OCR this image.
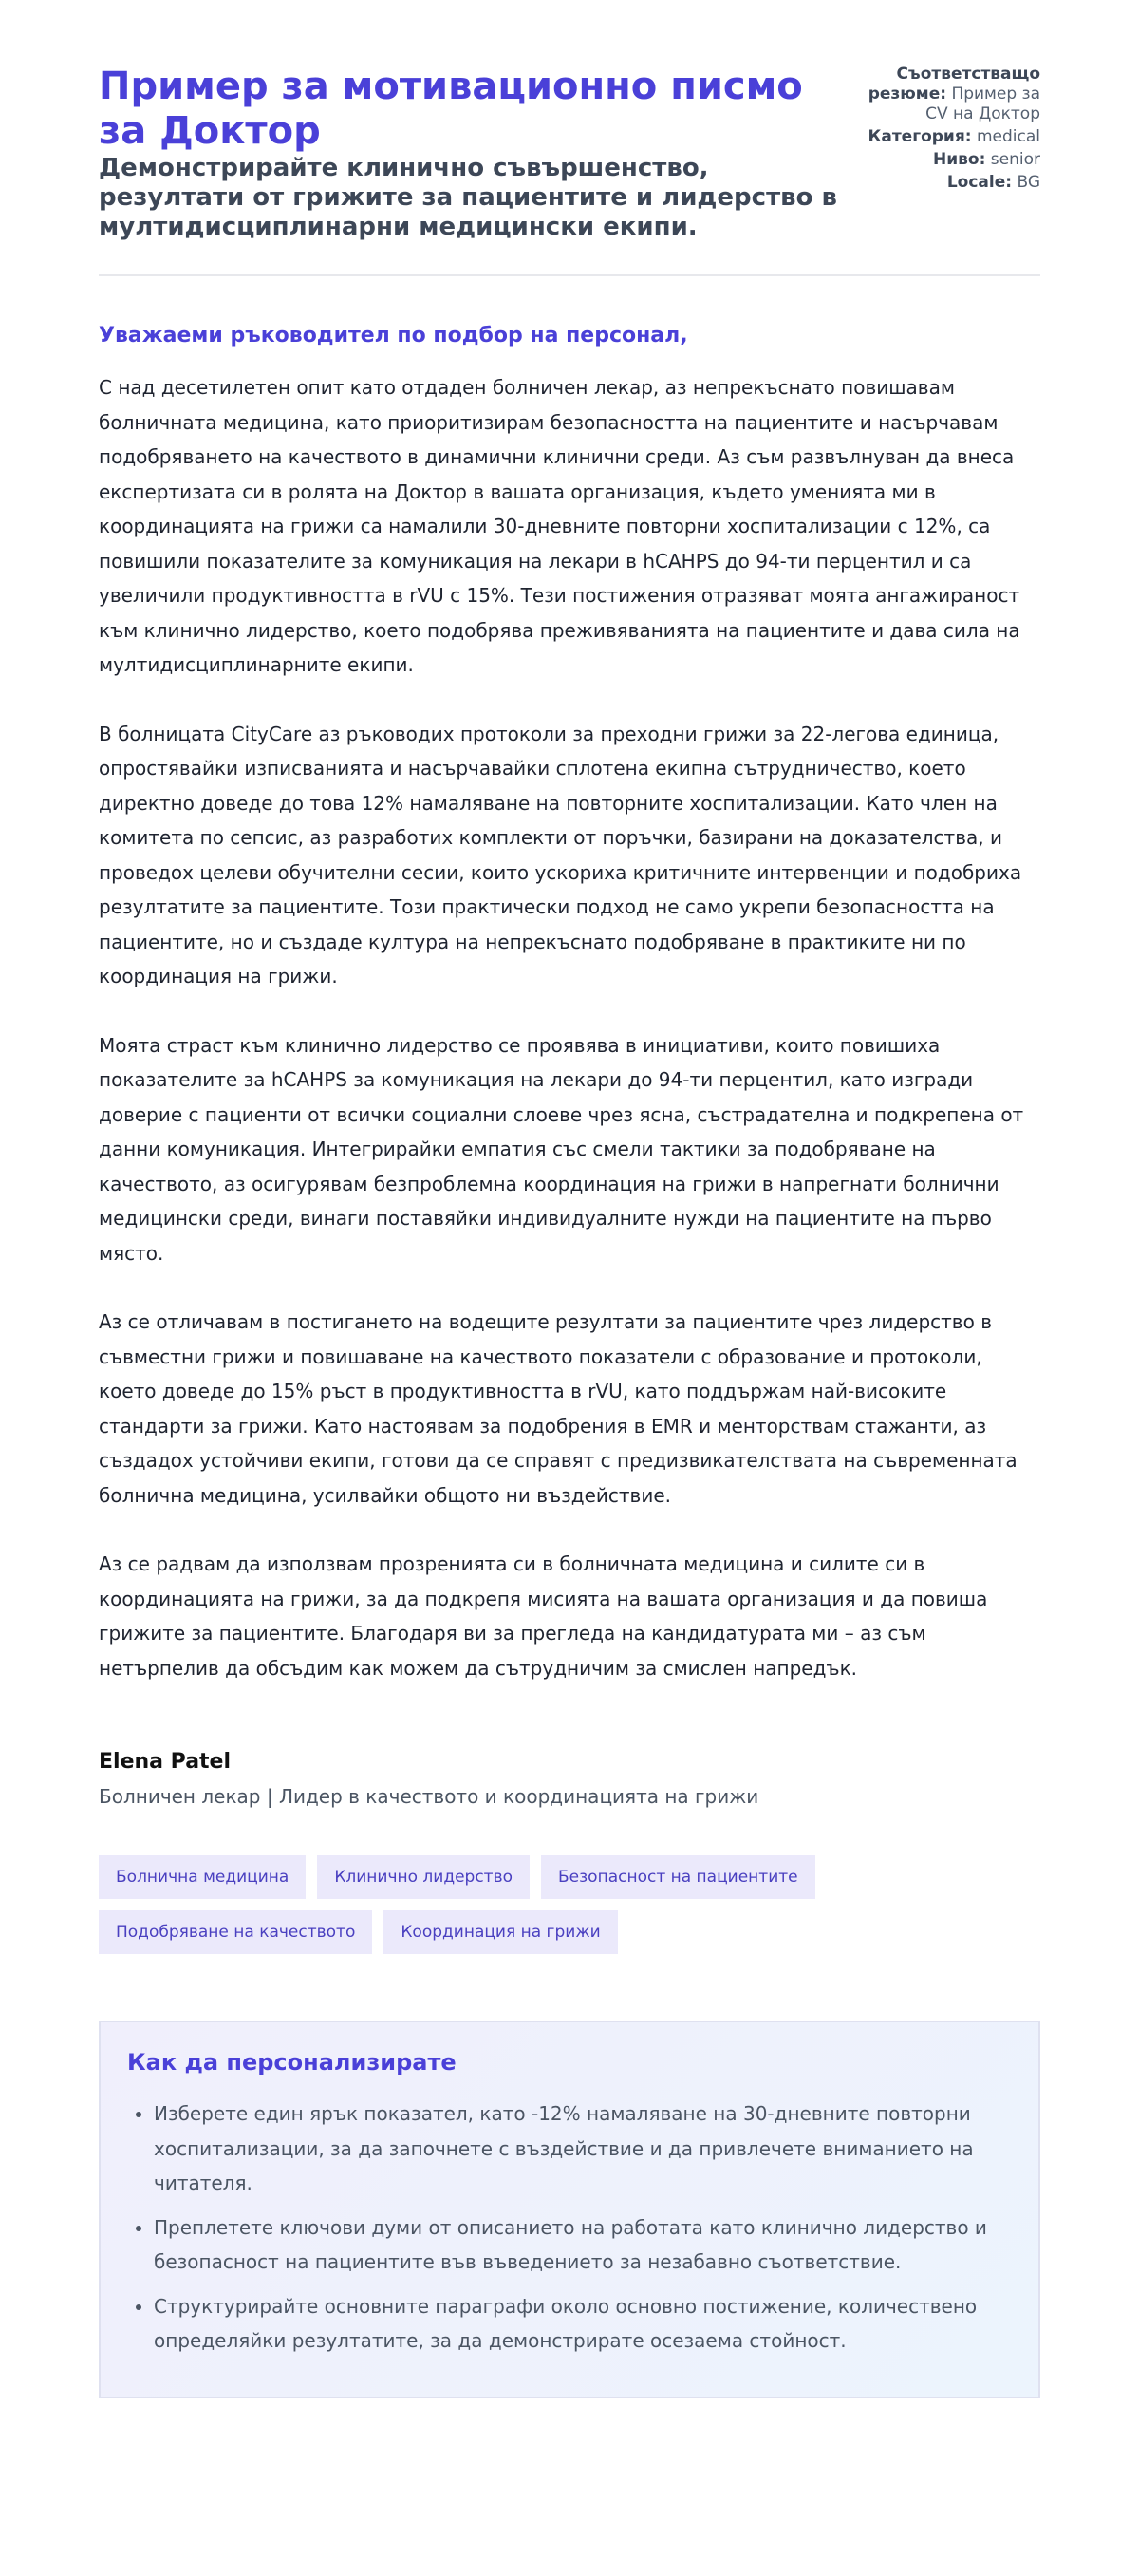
Пример за мотивационно писмо за Доктор
Демонстрирайте клинично съвършенство, резултати от грижите за пациентите и лидерство в мултидисциплинарни медицински екипи.
Съответстващо резюме: Пример за CV на Доктор
Категория: medical
Ниво: senior
Locale: BG
Уважаеми ръководител по подбор на персонал,

С над десетилетен опит като отдаден болничен лекар, аз непрекъснато повишавам болничната медицина, като приоритизирам безопасността на пациентите и насърчавам подобряването на качеството в динамични клинични среди. Аз съм развълнуван да внеса експертизата си в ролята на Доктор в вашата организация, където уменията ми в координацията на грижи са намалили 30-дневните повторни хоспитализации с 12%, са повишили показателите за комуникация на лекари в hCAHPS до 94-ти перцентил и са увеличили продуктивността в rVU с 15%. Тези постижения отразяват моята ангажираност към клинично лидерство, което подобрява преживяванията на пациентите и дава сила на мултидисциплинарните екипи.

В болницата CityCare аз ръководих протоколи за преходни грижи за 22-легова единица, опростявайки изписванията и насърчавайки сплотена екипна сътрудничество, което директно доведе до това 12% намаляване на повторните хоспитализации. Като член на комитета по сепсис, аз разработих комплекти от поръчки, базирани на доказателства, и проведох целеви обучителни сесии, които ускориха критичните интервенции и подобриха резултатите за пациентите. Този практически подход не само укрепи безопасността на пациентите, но и създаде култура на непрекъснато подобряване в практиките ни по координация на грижи.

Моята страст към клинично лидерство се проявява в инициативи, които повишиха показателите за hCAHPS за комуникация на лекари до 94-ти перцентил, като изгради доверие с пациенти от всички социални слоеве чрез ясна, състрадателна и подкрепена от данни комуникация. Интегрирайки емпатия със смели тактики за подобряване на качеството, аз осигурявам безпроблемна координация на грижи в напрегнати болнични медицински среди, винаги поставяйки индивидуалните нужди на пациентите на първо място.

Аз се отличавам в постигането на водещите резултати за пациентите чрез лидерство в съвместни грижи и повишаване на качеството показатели с образование и протоколи, което доведе до 15% ръст в продуктивността в rVU, като поддържам най-високите стандарти за грижи. Като настоявам за подобрения в EMR и менторствам стажанти, аз създадох устойчиви екипи, готови да се справят с предизвикателствата на съвременната болнична медицина, усилвайки общото ни въздействие.

Аз се радвам да използвам прозренията си в болничната медицина и силите си в координацията на грижи, за да подкрепя мисията на вашата организация и да повиша грижите за пациентите. Благодаря ви за прегледа на кандидатурата ми – аз съм нетърпелив да обсъдим как можем да сътрудничим за смислен напредък.

Elena Patel
Болничен лекар | Лидер в качеството и координацията на грижи
Болнична медицина	Клинично лидерство	Безопасност на пациентите
Подобряване на качеството	Координация на грижи
Как да персонализирате
• Изберете един ярък показател, като -12% намаляване на 30-дневните повторни хоспитализации, за да започнете с въздействие и да привлечете вниманието на читателя.
• Преплетете ключови думи от описанието на работата като клинично лидерство и безопасност на пациентите във въведението за незабавно съответствие.
• Структурирайте основните параграфи около основно постижение, количествено определяйки резултатите, за да демонстрирате осезаема стойност.
